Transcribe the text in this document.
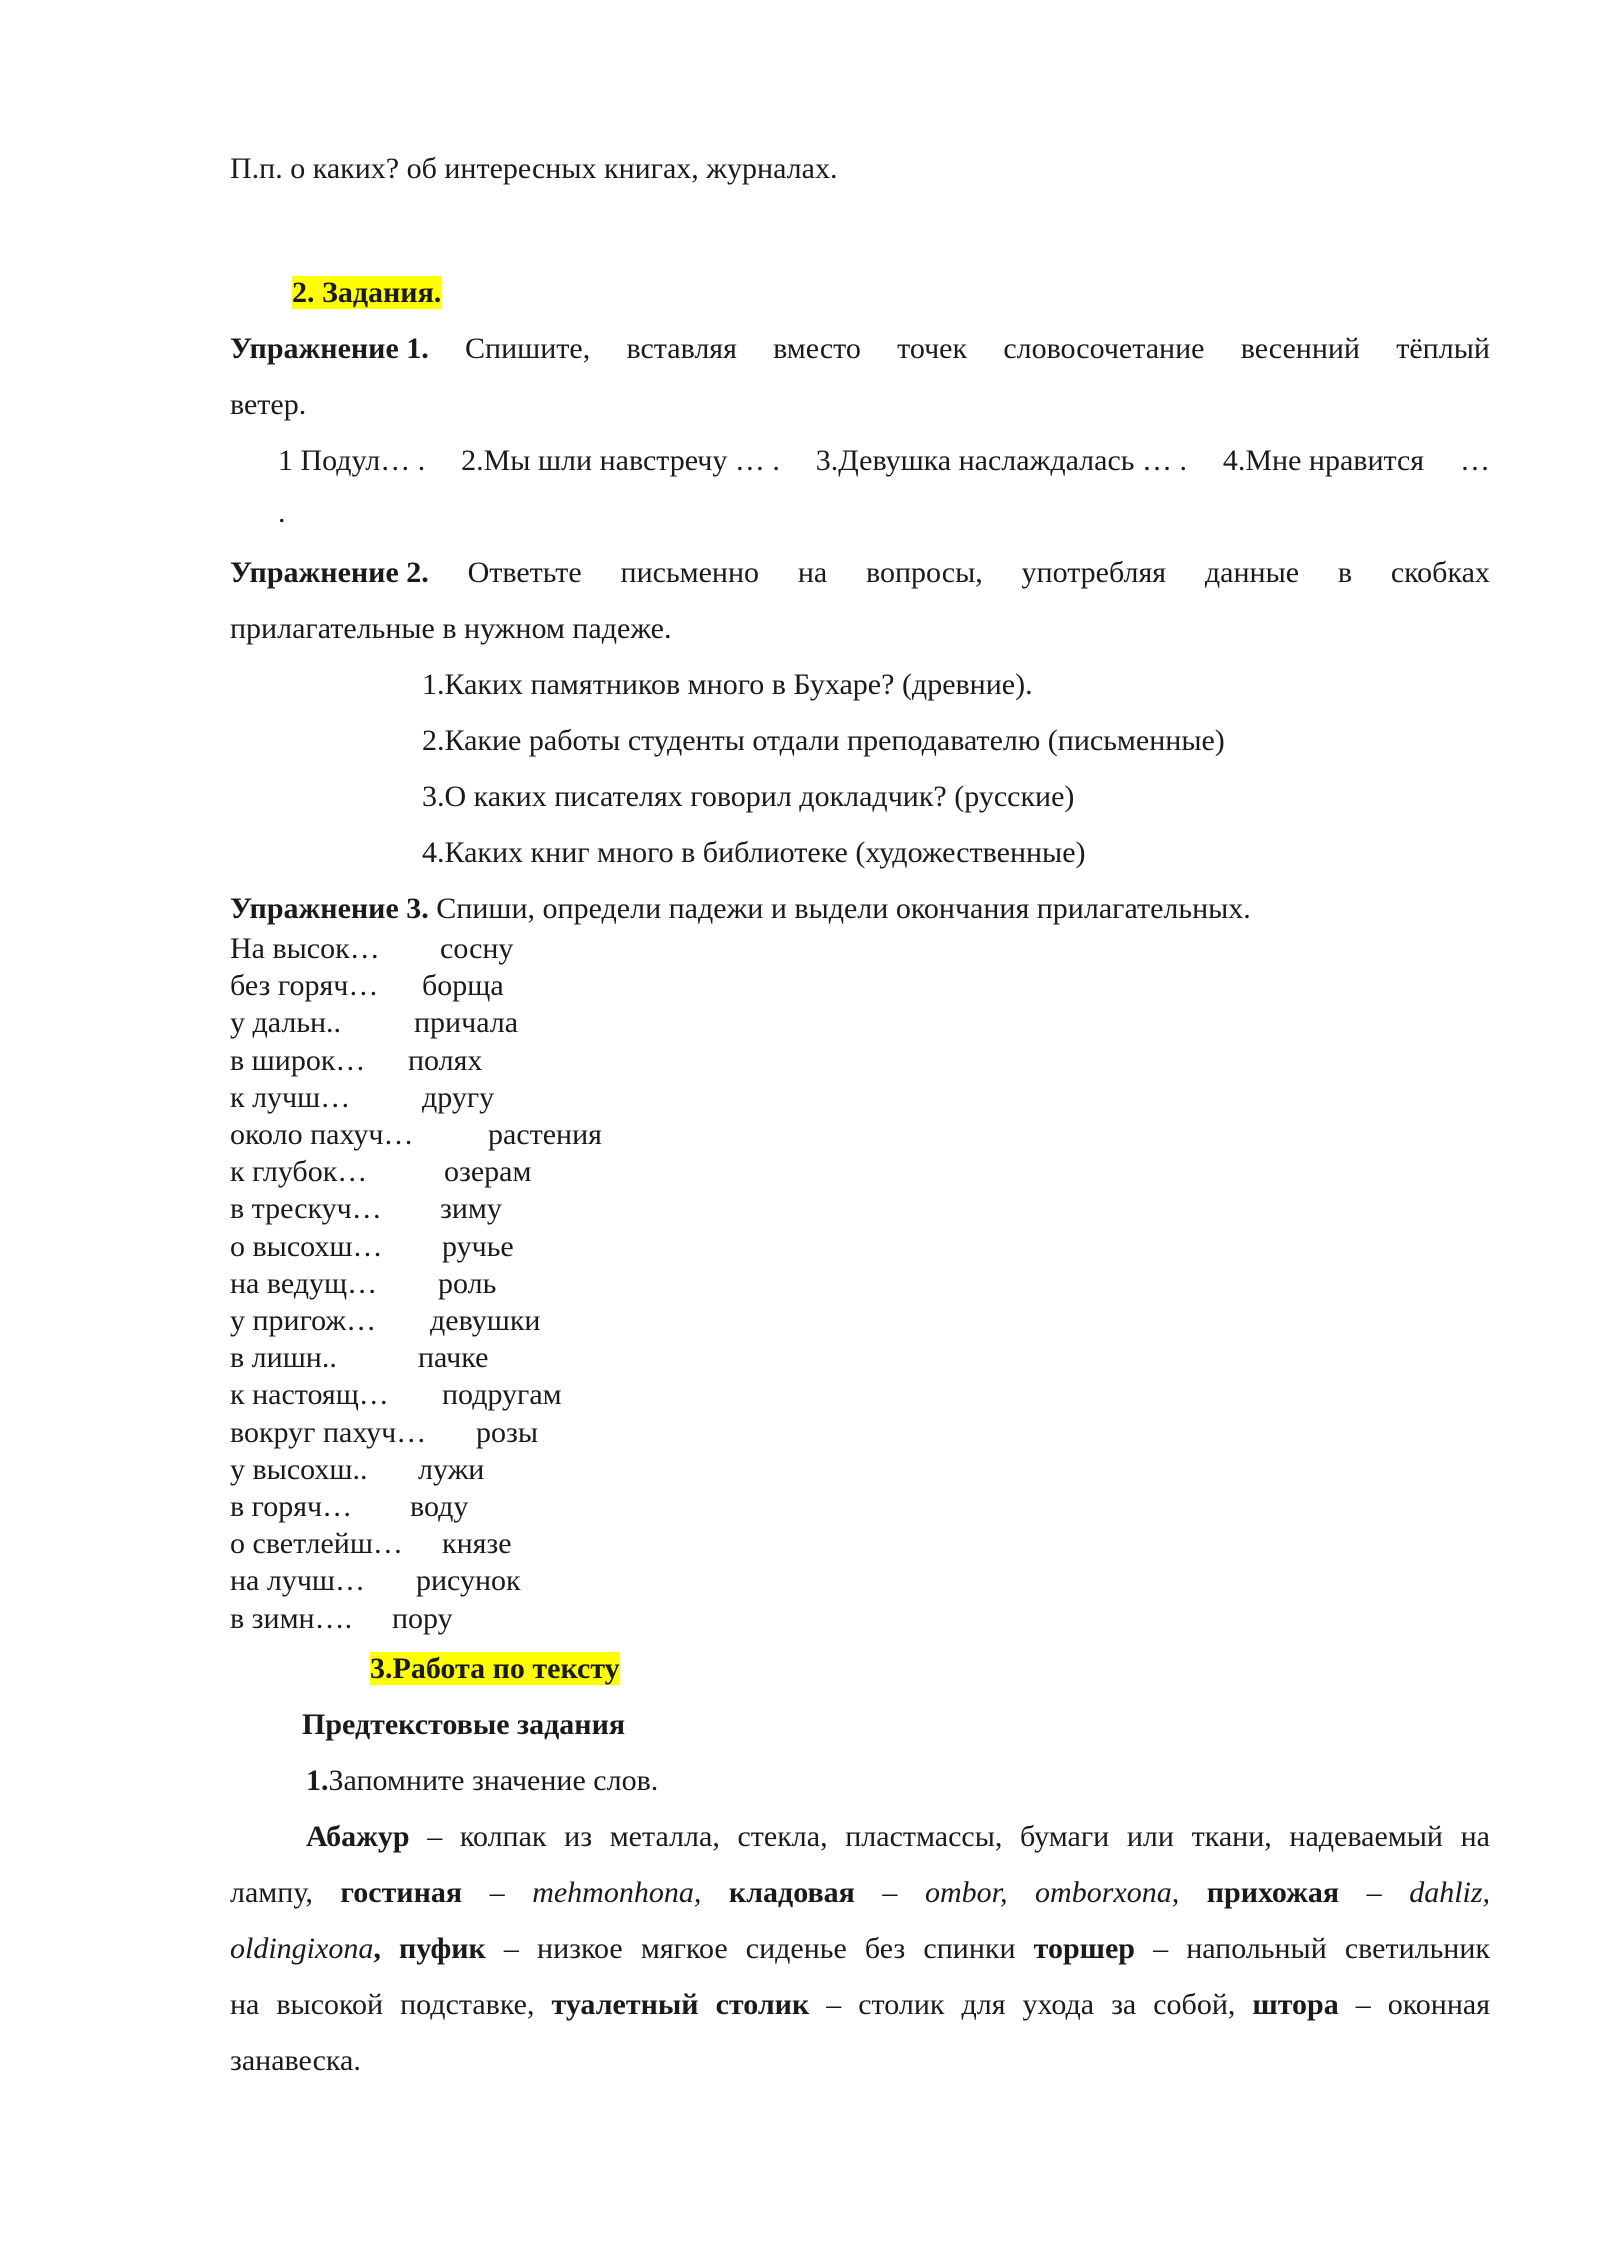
П.п. о каких? об интересных книгах, журналах.
2. Задания.
Упражнение 1. Спишите, вставляя вместо точек словосочетание весенний тёплый
ветер.
1 Подул… . 2.Мы шли навстречу … . 3.Девушка наслаждалась … . 4.Мне нравится …
.
Упражнение 2. Ответьте письменно на вопросы, употребляя данные в скобках
прилагательные в нужном падеже.
1.Каких памятников много в Бухаре? (древние).
2.Какие работы студенты отдали преподавателю (письменные)
3.О каких писателях говорил докладчик? (русские)
4.Каких книг много в библиотеке (художественные)
Упражнение 3. Спиши, определи падежи и выдели окончания прилагательных.
На высок… сосну
без горяч… борща
у дальн.. причала
в широк… полях
к лучш… другу
около пахуч… растения
к глубок…	озерам
в трескуч… зиму
о высохш… ручье
на ведущ… роль
у пригож… девушки
в лишн..	пачке
к настоящ… подругам
вокруг пахуч… розы
у высохш.. лужи
в горяч… воду
о светлейш… князе
на лучш… рисунок
в зимн…. пору
3.Работа по тексту
Предтекстовые задания
1.Запомните значение слов.
Абажур – колпак из металла, стекла, пластмассы, бумаги или ткани, надеваемый на
лампу, гостиная – mehmonhona, кладовая – ombor, omborxona, прихожая – dahliz,
oldingixona, пуфик – низкое мягкое сиденье без спинки торшер – напольный светильник
на высокой подставке, туалетный столик – столик для ухода за собой, штора – оконная
занавеска.
